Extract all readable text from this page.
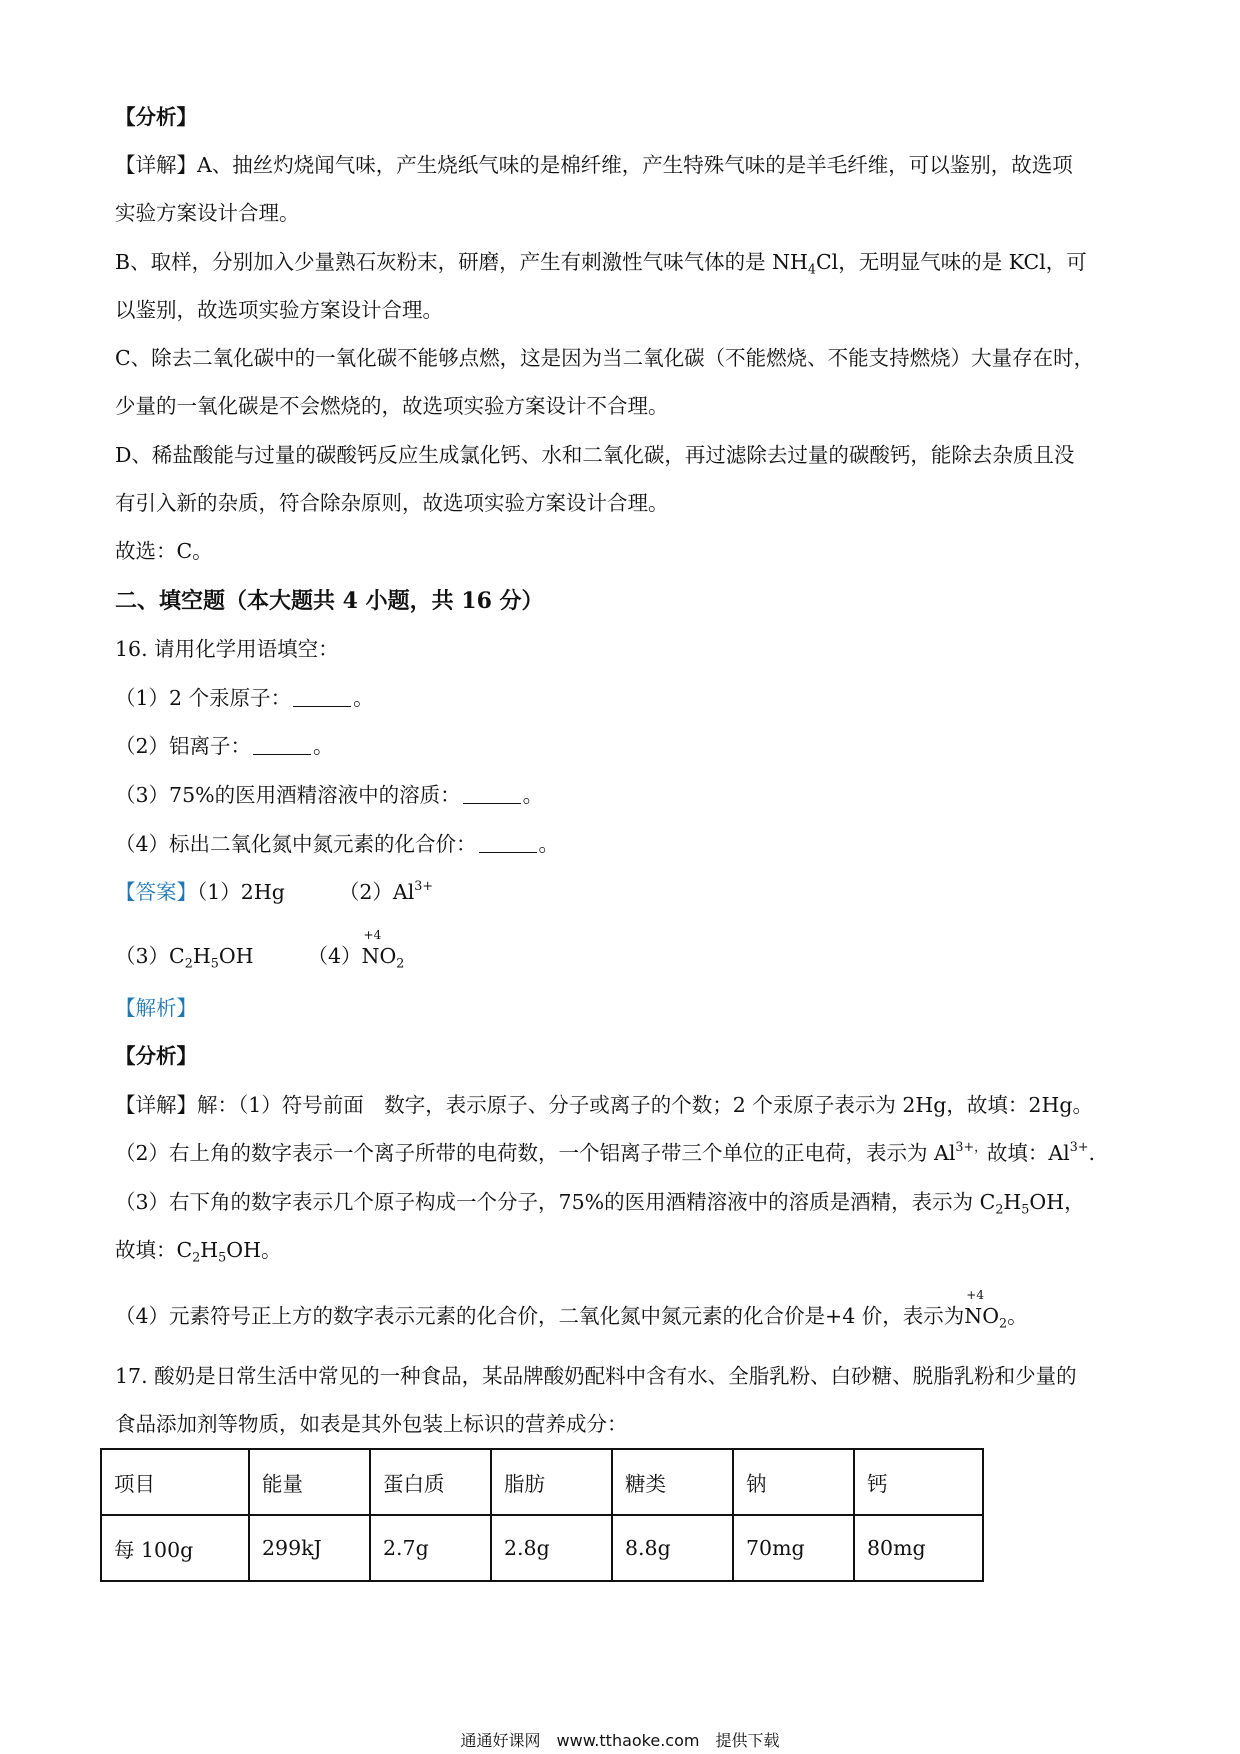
【分析】
【详解】A、抽丝灼烧闻气味，产生烧纸气味的是棉纤维，产生特殊气味的是羊毛纤维，可以鉴别，故选项
实验方案设计合理。
B、取样，分别加入少量熟石灰粉末，研磨，产生有刺激性气味气体的是 $NH_4Cl$，无明显气味的是 KCl，可
以鉴别，故选项实验方案设计合理。
C、除去二氧化碳中的一氧化碳不能够点燃，这是因为当二氧化碳（不能燃烧、不能支持燃烧）大量存在时，
少量的一氧化碳是不会燃烧的，故选项实验方案设计不合理。
D、稀盐酸能与过量的碳酸钙反应生成氯化钙、水和二氧化碳，再过滤除去过量的碳酸钙，能除去杂质且没
有引入新的杂质，符合除杂原则，故选项实验方案设计合理。
故选：C。
二、填空题（本大题共 4 小题，共 16 分）
16. 请用化学用语填空：
（1）2 个汞原子：	。
（2）铝离子：	。
（3）75%的医用酒精溶液中的溶质：	。
（4）标出二氧化氮中氮元素的化合价：	。
【答案】（1）2Hg	$(2)Al^{3+}$
$(3)C_2H_5OH$	（4）
+4
$NO_2$
【解析】
【分析】
【详解】解：（1）符号前面　数字，表示原子、分子或离子的个数；2 个汞原子表示为 2Hg，故填：2Hg。
（2）右上角的数字表示一个离子所带的电荷数，一个铝离子带三个单位的正电荷，表示为 $Al^{3+,}$故填：$Al^{3+}$.
（3）右下角的数字表示几个原子构成一个分子，75%的医用酒精溶液中的溶质是酒精，表示为 $C_2H_5OH$，
故填：$C_2H_5OH$。
（4）元素符号正上方的数字表示元素的化合价，二氧化氮中氮元素的化合价是+4 价，表示为
+4
$NO_2$。
17. 酸奶是日常生活中常见的一种食品，某品牌酸奶配料中含有水、全脂乳粉、白砂糖、脱脂乳粉和少量的
食品添加剂等物质，如表是其外包装上标识的营养成分：
项目	能量	蛋白质	脂肪	糖类	钠	钙
每 100g	299kJ	2.7g	2.8g	8.8g	70mg	80mg
通通好课网　www.tthaoke.com　提供下载
